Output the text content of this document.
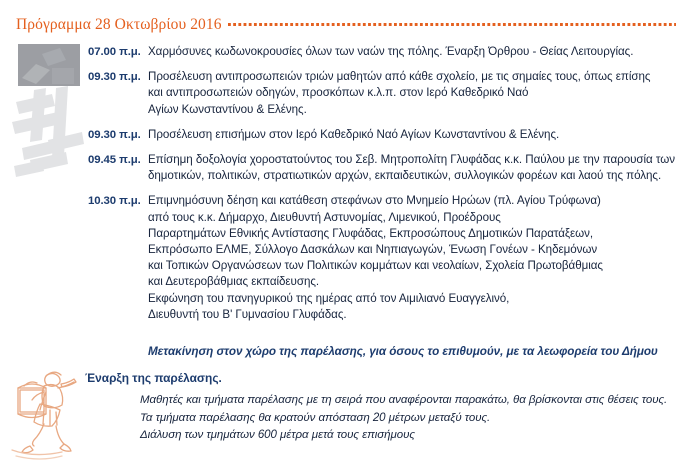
Πρόγραμμα 28 Οκτωβρίου 2016
07.00 π.μ. Χαρμόσυνες κωδωνοκρουσίες όλων των ναών της πόλης. Έναρξη Όρθρου - Θείας Λειτουργίας.
09.30 π.μ. Προσέλευση αντιπροσωπειών τριών μαθητών από κάθε σχολείο, με τις σημαίες τους, όπως επίσης
και αντιπροσωπειών οδηγών, προσκόπων κ.λ.π. στον Ιερό Καθεδρικό Ναό
Αγίων Κωνσταντίνου & Ελένης.
09.30 π.μ. Προσέλευση επισήμων στον Ιερό Καθεδρικό Ναό Αγίων Κωνσταντίνου & Ελένης.
09.45 π.μ. Επίσημη δοξολογία χοροστατούντος του Σεβ. Μητροπολίτη Γλυφάδας κ.κ. Παύλου με την παρουσία των
δημοτικών, πολιτικών, στρατιωτικών αρχών, εκπαιδευτικών, συλλογικών φορέων και λαού της πόλης.
10.30 π.μ. Επιμνημόσυνη δέηση και κατάθεση στεφάνων στο Μνημείο Ηρώων (πλ. Αγίου Τρύφωνα)
από τους κ.κ. Δήμαρχο, Διευθυντή Αστυνομίας, Λιμενικού, Προέδρους
Παραρτημάτων Εθνικής Αντίστασης Γλυφάδας, Εκπροσώπους Δημοτικών Παρατάξεων,
Εκπρόσωπο ΕΛΜΕ, Σύλλογο Δασκάλων και Νηπιαγωγών, Ένωση Γονέων - Κηδεμόνων
και Τοπικών Οργανώσεων των Πολιτικών κομμάτων και νεολαίων, Σχολεία Πρωτοβάθμιας
και Δευτεροβάθμιας εκπαίδευσης.
Εκφώνηση του πανηγυρικού της ημέρας από τον Αιμιλιανό Ευαγγελινό,
Διευθυντή του Β' Γυμνασίου Γλυφάδας.
Μετακίνηση στον χώρο της παρέλασης, για όσους το επιθυμούν, με τα λεωφορεία του Δήμου
Έναρξη της παρέλασης.
Μαθητές και τμήματα παρέλασης με τη σειρά που αναφέρονται παρακάτω, θα βρίσκονται στις θέσεις τους.
Τα τμήματα παρέλασης θα κρατούν απόσταση 20 μέτρων μεταξύ τους.
Διάλυση των τμημάτων 600 μέτρα μετά τους επισήμους
